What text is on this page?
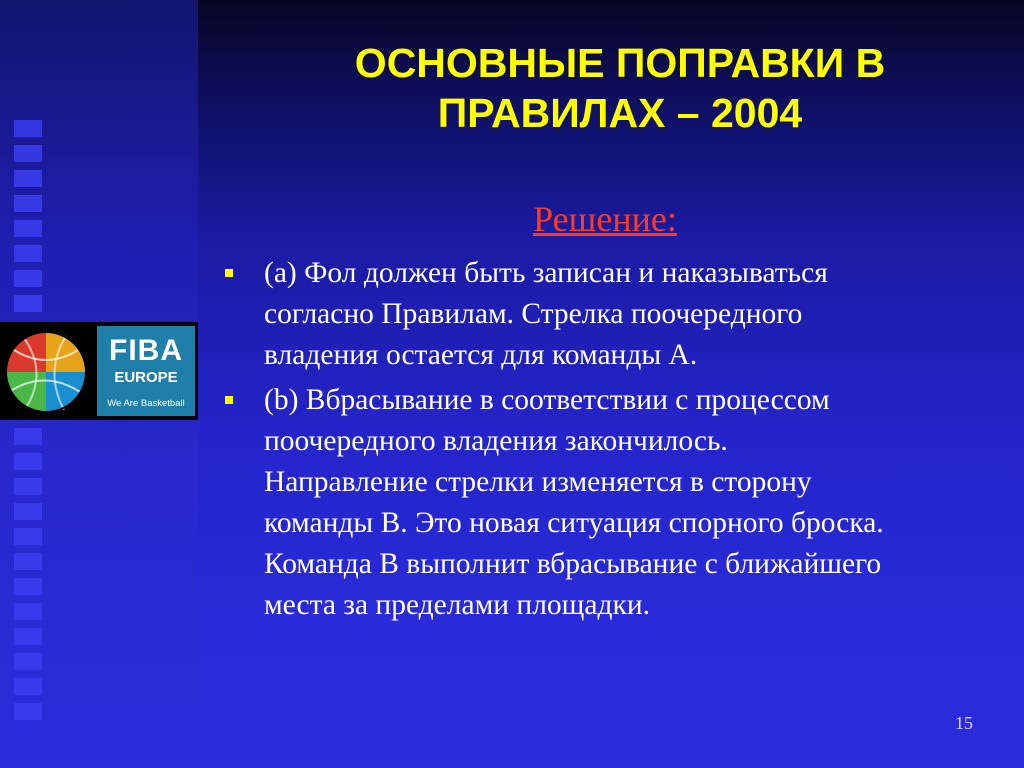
FIBA
EUROPE
We Are Basketball
ОСНОВНЫЕ ПОПРАВКИ В
ПРАВИЛАХ – 2004
Решение:
(a) Фол должен быть записан и наказываться
согласно Правилам. Стрелка поочередного
владения остается для команды А.
(b) Вбрасывание в соответствии с процессом
поочередного владения закончилось.
Направление стрелки изменяется в сторону
команды В. Это новая ситуация спорного броска.
Команда В выполнит вбрасывание с ближайшего
места за пределами площадки.
15
